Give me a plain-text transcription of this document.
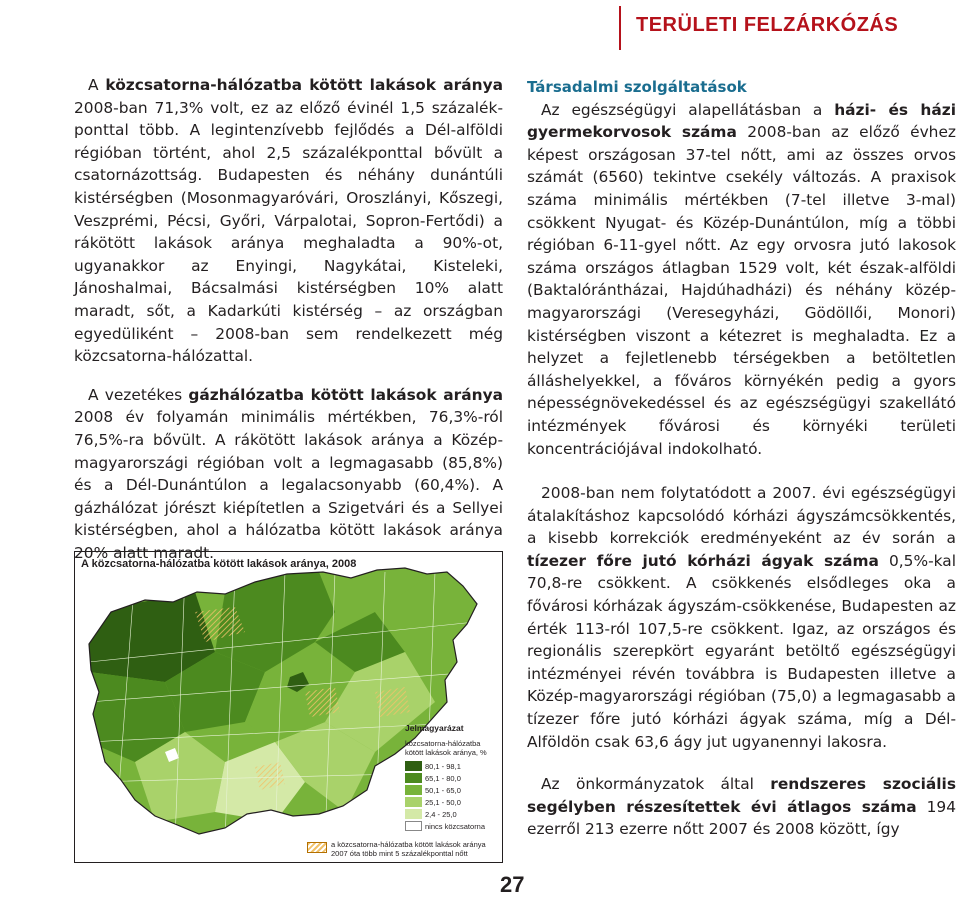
TERÜLETI FELZÁRKÓZÁS

A közcsatorna-hálózatba kötött lakások aránya 2008-ban 71,3% volt, ez az előző évinél 1,5 százalékponttal több. A legintenzívebb fejlődés a Dél-alföldi régióban történt, ahol 2,5 százalékponttal bővült a csatornázottság. Budapesten és néhány dunántúli kistérségben (Mosonmagyaróvári, Oroszlányi, Kőszegi, Veszprémi, Pécsi, Győri, Várpalotai, Sopron-Fertődi) a rákötött lakások aránya meghaladta a 90%-ot, ugyanakkor az Enyingi, Nagykátai, Kisteleki, Jánoshalmai, Bácsalmási kistérségben 10% alatt maradt, sőt, a Kadarkúti kistérség – az országban egyedüliként – 2008-ban sem rendelkezett még közcsatorna-hálózattal.

A vezetékes gázhálózatba kötött lakások aránya 2008 év folyamán minimális mértékben, 76,3%-ról 76,5%-ra bővült. A rákötött lakások aránya a Középmagyarországi régióban volt a legmagasabb (85,8%) és a Dél-Dunántúlon a legalacsonyabb (60,4%). A gázhálózat jórészt kiépítetlen a Szigetvári és a Sellyei kistérségben, ahol a hálózatba kötött lakások aránya 20% alatt maradt.

A közcsatorna-hálózatba kötött lakások aránya, 2008
Jelmagyarázat
közcsatorna-hálózatba kötött lakások aránya, %
80,1 - 98,1
65,1 - 80,0
50,1 - 65,0
25,1 - 50,0
2,4 - 25,0
nincs közcsatorna
a közcsatorna-hálózatba kötött lakások aránya 2007 óta több mint 5 százalékponttal nőtt

Társadalmi szolgáltatások

Az egészségügyi alapellátásban a házi- és házi gyermekorvosok száma 2008-ban az előző évhez képest országosan 37-tel nőtt, ami az összes orvos számát (6560) tekintve csekély változás. A praxisok száma minimális mértékben (7-tel illetve 3-mal) csökkent Nyugat- és Közép-Dunántúlon, míg a többi régióban 6-11-gyel nőtt. Az egy orvosra jutó lakosok száma országos átlagban 1529 volt, két észak-alföldi (Baktalórántházai, Hajdúhadházi) és néhány közép-magyarországi (Veresegyházi, Gödöllői, Monori) kistérségben viszont a kétezret is meghaladta. Ez a helyzet a fejletlenebb térségekben a betöltetlen álláshelyekkel, a főváros környékén pedig a gyors népességnövekedéssel és az egészségügyi szakellátó intézmények fővárosi és környéki területi koncentrációjával indokolható.

2008-ban nem folytatódott a 2007. évi egészségügyi átalakításhoz kapcsolódó kórházi ágyszámcsökkentés, a kisebb korrekciók eredményeként az év során a tízezer főre jutó kórházi ágyak száma 0,5%-kal 70,8-re csökkent. A csökkenés elsődleges oka a fővárosi kórházak ágyszám-csökkenése, Budapesten az érték 113-ról 107,5-re csökkent. Igaz, az országos és regionális szerepkört egyaránt betöltő egészségügyi intézményei révén továbbra is Budapesten illetve a Közép-magyarországi régióban (75,0) a legmagasabb a tízezer főre jutó kórházi ágyak száma, míg a Dél-Alföldön csak 63,6 ágy jut ugyanennyi lakosra.

Az önkormányzatok által rendszeres szociális segélyben részesítettek évi átlagos száma 194 ezerről 213 ezerre nőtt 2007 és 2008 között, így

27
